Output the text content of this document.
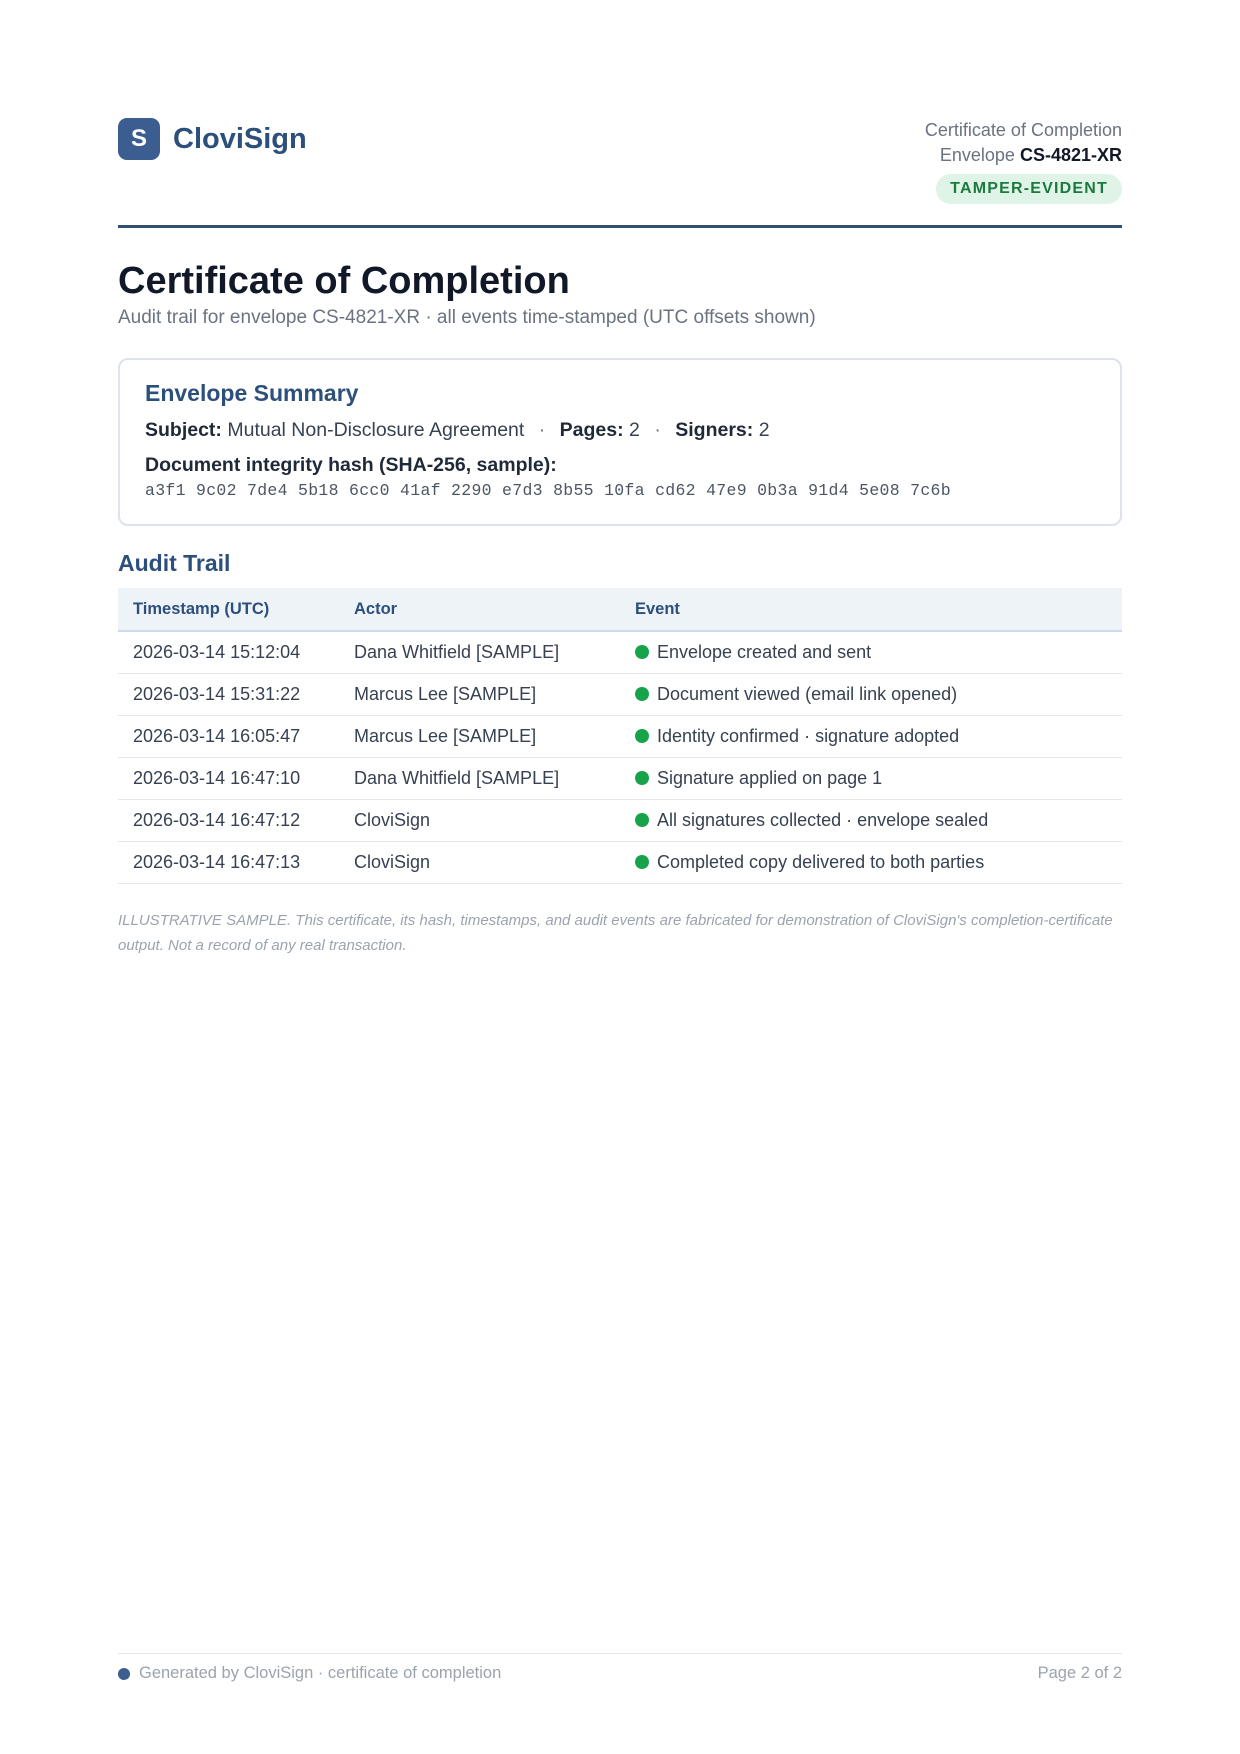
S CloviSign	Certificate of Completion
Envelope CS-4821-XR
TAMPER-EVIDENT
Certificate of Completion
Audit trail for envelope CS-4821-XR · all events time-stamped (UTC offsets shown)
Envelope Summary
Subject: Mutual Non-Disclosure Agreement · Pages: 2 · Signers: 2
Document integrity hash (SHA-256, sample):
a3f1 9c02 7de4 5b18 6cc0 41af 2290 e7d3 8b55 10fa cd62 47e9 0b3a 91d4 5e08 7c6b
Audit Trail
Timestamp (UTC)	Actor	Event
2026-03-14 15:12:04	Dana Whitfield [SAMPLE]	Envelope created and sent
2026-03-14 15:31:22	Marcus Lee [SAMPLE]	Document viewed (email link opened)
2026-03-14 16:05:47	Marcus Lee [SAMPLE]	Identity confirmed · signature adopted
2026-03-14 16:47:10	Dana Whitfield [SAMPLE]	Signature applied on page 1
2026-03-14 16:47:12	CloviSign	All signatures collected · envelope sealed
2026-03-14 16:47:13	CloviSign	Completed copy delivered to both parties

ILLUSTRATIVE SAMPLE. This certificate, its hash, timestamps, and audit events are fabricated for demonstration of CloviSign's completion-certificate output. Not a record of any real transaction.

Generated by CloviSign · certificate of completion	Page 2 of 2
